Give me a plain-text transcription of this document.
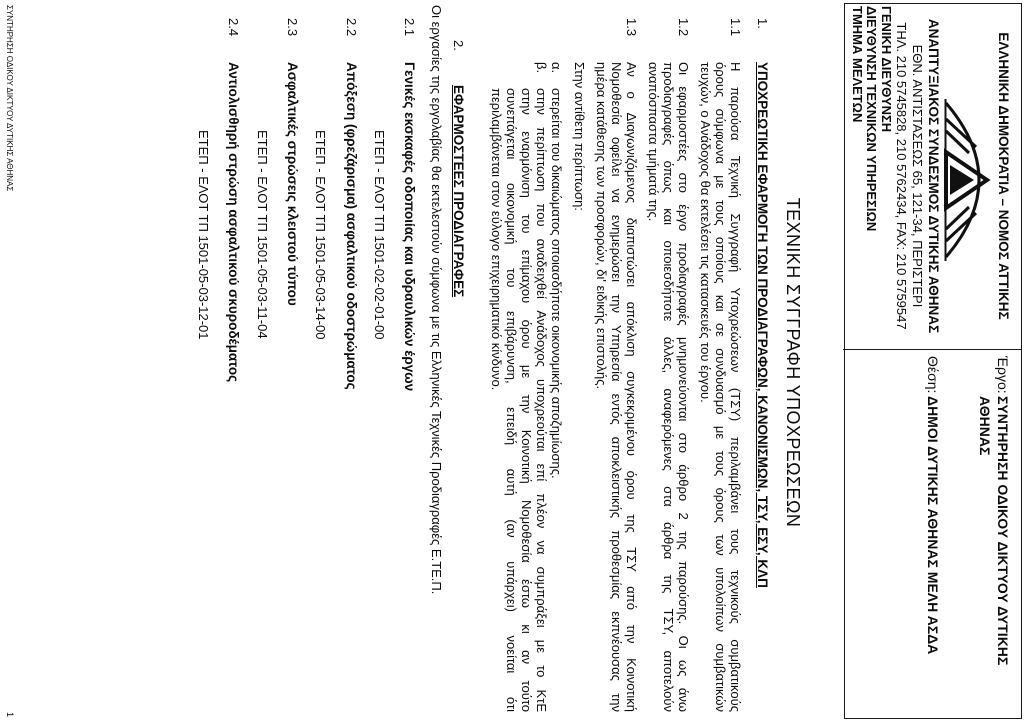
ΕΛΛΗΝΙΚΗ ΔΗΜΟΚΡΑΤΙΑ – ΝΟΜΟΣ ΑΤΤΙΚΗΣ
ΑΝΑΠΤΥΞΙΑΚΟΣ ΣΥΝΔΕΣΜΟΣ ΔΥΤΙΚΗΣ ΑΘΗΝΑΣ
ΕΘΝ. ΑΝΤΙΣΤΑΣΕΩΣ 65, 121-34, ΠΕΡΙΣΤΕΡΙ
ΤΗΛ. 210 5745828, 210 5762434, FAX: 210 5759547
ΓΕΝΙΚΗ ΔΙΕΥΘΥΝΣΗ
ΔΙΕΥΘΥΝΣΗ ΤΕΧΝΙΚΩΝ ΥΠΗΡΕΣΙΩΝ
ΤΜΗΜΑ ΜΕΛΕΤΩΝ
Έργο:
ΣΥΝΤΗΡΗΣΗ ΟΔΙΚΟΥ ΔΙΚΤΥΟΥ ΔΥΤΙΚΗΣ
ΑΘΗΝΑΣ
Θέση:
ΔΗΜΟΙ ΔΥΤΙΚΗΣ ΑΘΗΝΑΣ ΜΕΛΗ ΑΣΔΑ
ΤΕΧΝΙΚΗ ΣΥΓΓΡΑΦΗ ΥΠΟΧΡΕΩΣΕΩΝ
1.
ΥΠΟΧΡΕΩΤΙΚΗ ΕΦΑΡΜΟΓΗ ΤΩΝ ΠΡΟΔΙΑΓΡΑΦΩΝ, ΚΑΝΟΝΙΣΜΩΝ, ΤΣΥ, ΕΣΥ, ΚΛΠ
1.1
Η παρούσα Τεχνική Συγγραφή Υποχρεώσεων (ΤΣΥ) περιλαμβάνει τους τεχνικούς συμβατικούς
όρους σύμφωνα με τους οποίους και σε συνδυασμό με τους όρους των υπολοίπων συμβατικών
τευχών, ο Ανάδοχος θα εκτελέσει τις κατασκευές του έργου.
1.2
Οι εφαρμοστέες στο έργο προδιαγραφές μνημονεύονται στο άρθρο 2 της παρούσης. Οι ως άνω
προδιαγραφές όπως και οποιεσδήποτε άλλες, αναφερόμενες στα άρθρα της ΤΣΥ, αποτελούν
αναπόσπαστα τμήματά της.
1.3
Αν ο Διαγωνιζόμενος διαπιστώσει απόκλιση συγκεκριμένου όρου της ΤΣΥ από την Κοινοτική
Νομοθεσία οφείλει να ενημερώσει την Υπηρεσία εντός αποκλειστικής προθεσμίας εκπνέουσας την
ημέρα κατάθεσης των προσφορών, δι' ειδικής επιστολής.
Στην αντίθετη περίπτωση:
α.
στερείται του δικαιώματος οποιασδήποτε οικονομικής αποζημίωσης.
β.
στην περίπτωση που αναδειχθεί Ανάδοχος υποχρεούται επί πλέον να συμπράξει με το ΚτΕ
στην εναρμόνιση του επίμαχου όρου με την Κοινοτική Νομοθεσία έστω κι αν τούτο
συνεπάγεται οικονομική του επιβάρυνση, επειδή αυτή (αν υπάρχει) νοείται ότι
περιλαμβάνεται στον εύλογο επιχειρηματικό κίνδυνο.
2.
ΕΦΑΡΜΟΣΤΕΕΣ ΠΡΟΔΙΑΓΡΑΦΕΣ
Οι εργασίες της εργολαβίας θα εκτελεστούν σύμφωνα με τις Ελληνικές Τεχνικές Προδιαγραφές Ε.ΤΕ.Π.
2.1
Γενικές εκσκαφές οδοποιίας και υδραυλικών έργων
ΕΤΕΠ - ΕΛΟΤ ΤΠ 1501-02-02-01-00
2.2
Απόξεση (φρεζάρισμα) ασφαλτικού οδοστρώματος
ΕΤΕΠ - ΕΛΟΤ ΤΠ 1501-05-03-14-00
2.3
Ασφαλτικές στρώσεις κλειστού τύπου
ΕΤΕΠ - ΕΛΟΤ ΤΠ 1501-05-03-11-04
2.4
Αντιολισθηρή στρώση ασφαλτικού σκυροδέματος
ΕΤΕΠ - ΕΛΟΤ ΤΠ 1501-05-03-12-01
ΣΥΝΤΗΡΗΣΗ ΟΔΙΚΟΥ ΔΙΚΤΥΟΥ ΔΥΤΙΚΗΣ ΑΘΗΝΑΣ
1
